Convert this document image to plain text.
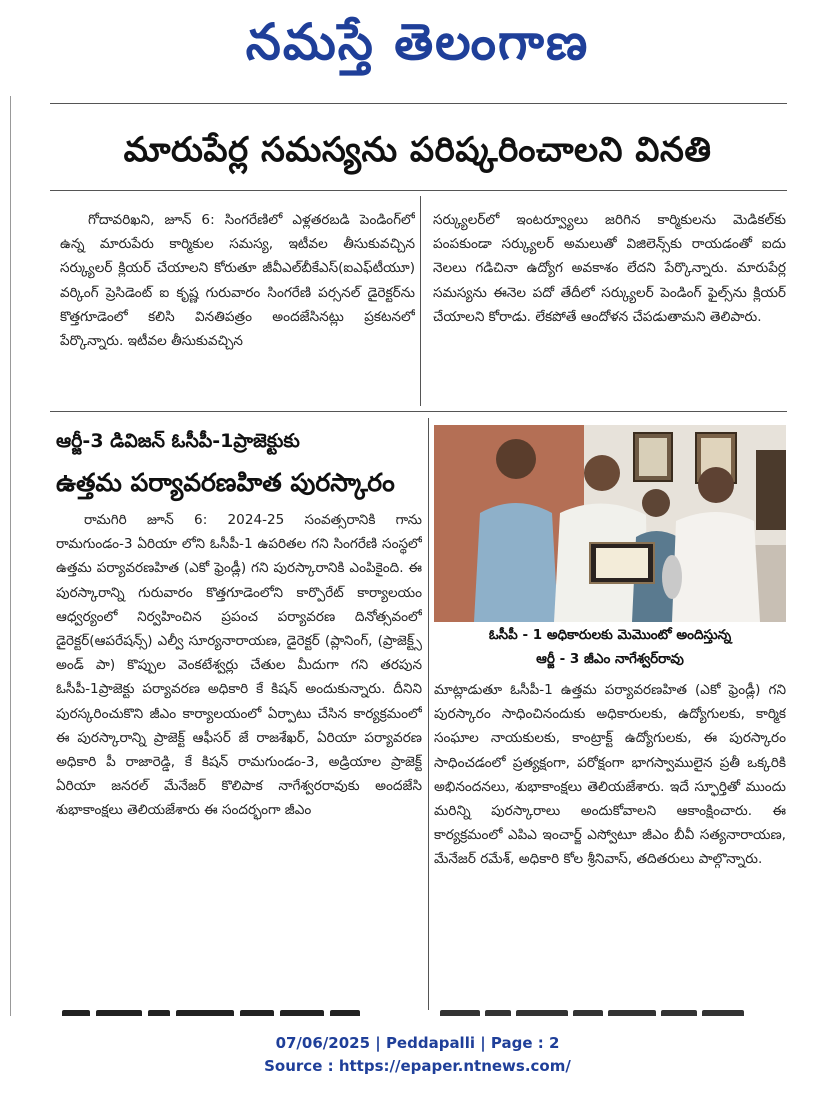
నమస్తే తెలంగాణ
మారుపేర్ల సమస్యను పరిష్కరించాలని వినతి

గోదావరిఖని, జూన్ 6: సింగరేణిలో ఎళ్లతరబడి పెండింగ్‌లో ఉన్న మారుపేరు కార్మికుల సమస్య, ఇటీవల తీసుకువచ్చిన సర్క్యులర్ క్లియర్ చేయాలని కోరుతూ జీవీఎల్‌బీకేఎస్(ఐఎఫ్‌టీయూ) వర్కింగ్ ప్రెసిడెంట్ ఐ కృష్ణ గురువారం సింగరేణి పర్సనల్ డైరెక్టర్‌ను కొత్తగూడెంలో కలిసి వినతిపత్రం అందజేసినట్లు ప్రకటనలో పేర్కొన్నారు. ఇటీవల తీసుకువచ్చిన

సర్క్యులర్‌లో ఇంటర్వ్యూలు జరిగిన కార్మికులను మెడికల్‌కు పంపకుండా సర్క్యులర్ అమలుతో విజిలెన్స్‌కు రాయడంతో ఐదు నెలలు గడిచినా ఉద్యోగ అవకాశం లేదని పేర్కొన్నారు. మారుపేర్ల సమస్యను ఈనెల పదో తేదీలో సర్క్యులర్ పెండింగ్ ఫైల్స్‌ను క్లియర్ చేయాలని కోరాడు. లేకపోతే ఆందోళన చేపడుతామని తెలిపారు.

ఆర్జీ-3 డివిజన్ ఓసీపీ-1ప్రాజెక్టుకు
ఉత్తమ పర్యావరణహిత పురస్కారం

రామగిరి జూన్ 6: 2024-25 సంవత్సరానికి గాను రామగుండం-3 ఏరియా లోని ఓసీపీ-1 ఉపరితల గని సింగరేణి సంస్థలో ఉత్తమ పర్యావరణహిత (ఎకో ఫ్రెండ్లీ) గని పురస్కారానికి ఎంపికైంది. ఈ పురస్కారాన్ని గురువారం కొత్తగూడెంలోని కార్పొరేట్ కార్యాలయం ఆధ్వర్యంలో నిర్వహించిన ప్రపంచ పర్యావరణ దినోత్సవంలో డైరెక్టర్(ఆపరేషన్స్) ఎల్వీ సూర్యనారాయణ, డైరెక్టర్ (ప్లానింగ్, (ప్రాజెక్ట్స్ అండ్ పా) కొప్పుల వెంకటేశ్వర్లు చేతుల మీదుగా గని తరపున ఓసీపీ-1ప్రాజెక్టు పర్యావరణ అధికారి కే కిషన్ అందుకున్నారు. దీనిని పురస్కరించుకొని జీఎం కార్యాలయంలో ఏర్పాటు చేసిన కార్యక్రమంలో ఈ పురస్కారాన్ని ప్రాజెక్ట్ ఆఫీసర్ జే రాజశేఖర్, ఏరియా పర్యావరణ అధికారి పీ రాజారెడ్డి, కే కిషన్ రామగుండం-3, అడ్రియాల ప్రాజెక్ట్ ఏరియా జనరల్ మేనేజర్ కొలిపాక నాగేశ్వరరావుకు అందజేసి శుభాకాంక్షలు తెలియజేశారు ఈ సందర్భంగా జీఎం

ఓసీపీ - 1 అధికారులకు మెమొంటో అందిస్తున్న
ఆర్జీ - 3 జీఎం నాగేశ్వర్‌రావు

మాట్లాడుతూ ఓసీపీ-1 ఉత్తమ పర్యావరణహిత (ఎకో ఫ్రెండ్లీ) గని పురస్కారం సాధించినందుకు అధికారులకు, ఉద్యోగులకు, కార్మిక సంఘాల నాయకులకు, కాంట్రాక్ట్ ఉద్యోగులకు, ఈ పురస్కారం సాధించడంలో ప్రత్యక్షంగా, పరోక్షంగా భాగస్వాములైన ప్రతీ ఒక్కరికి అభినందనలు, శుభాకాంక్షలు తెలియజేశారు. ఇదే స్ఫూర్తితో ముందు మరిన్ని పురస్కారాలు అందుకోవాలని ఆకాంక్షించారు. ఈ కార్యక్రమంలో ఎపిఎ ఇంచార్జ్ ఎస్వోటూ జీఎం బీవీ సత్యనారాయణ, మేనేజర్ రమేశ్, అధికారి కోల శ్రీనివాస్, తదితరులు పాల్గొన్నారు.

07/06/2025 | Peddapalli | Page : 2
Source : https://epaper.ntnews.com/
